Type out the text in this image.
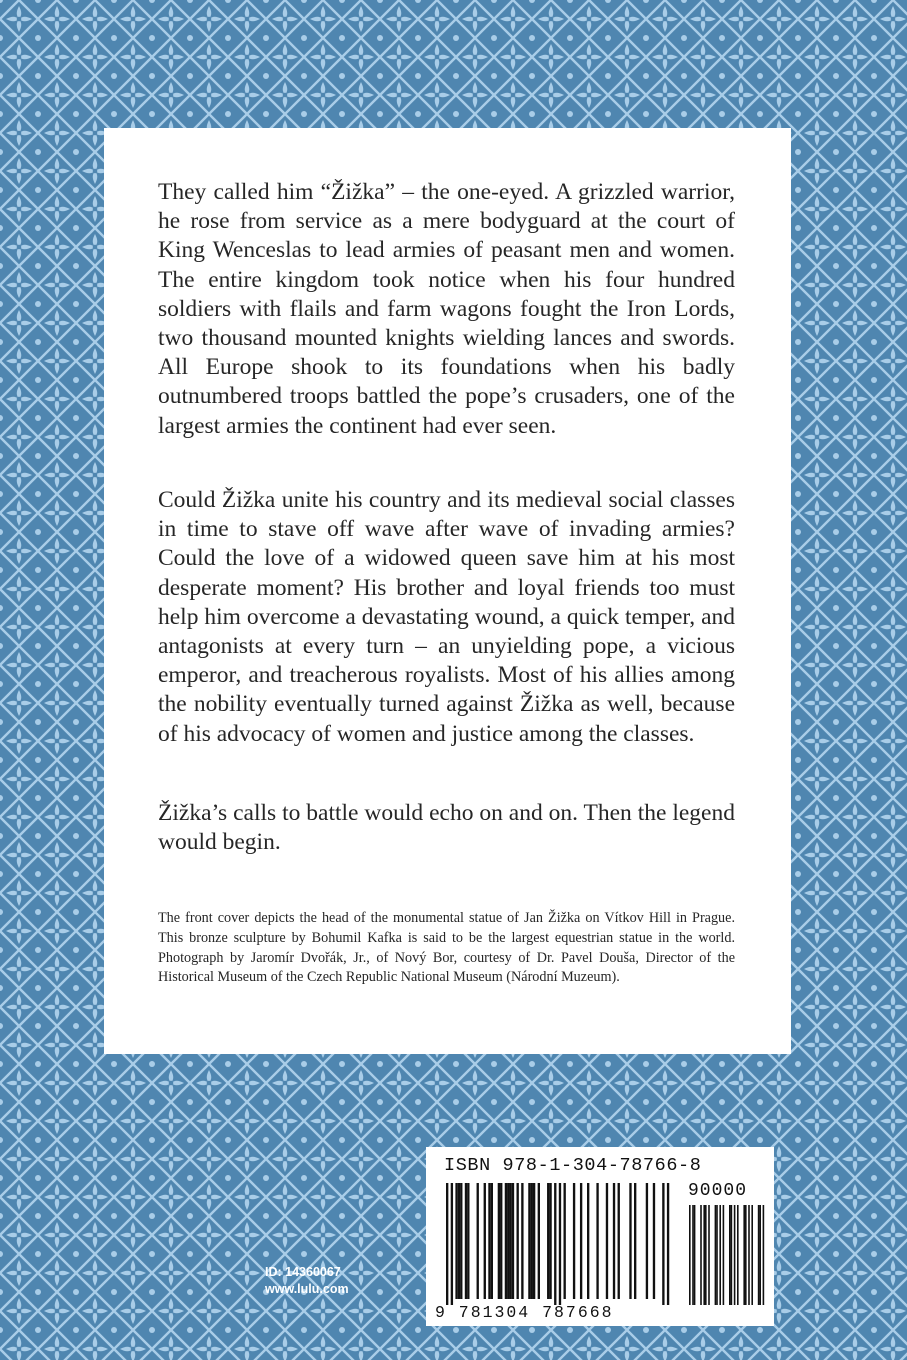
They called him “Žižka” – the one-eyed. A grizzled warrior, he rose from service as a mere bodyguard at the court of King Wenceslas to lead armies of peasant men and women. The entire kingdom took notice when his four hundred soldiers with flails and farm wagons fought the Iron Lords, two thousand mounted knights wielding lances and swords. All Europe shook to its foundations when his badly outnumbered troops battled the pope’s crusaders, one of the largest armies the continent had ever seen.

Could Žižka unite his country and its medieval social classes in time to stave off wave after wave of invading armies? Could the love of a widowed queen save him at his most desperate moment? His brother and loyal friends too must help him overcome a devastating wound, a quick temper, and antagonists at every turn – an unyielding pope, a vicious emperor, and treacherous royalists. Most of his allies among the nobility eventually turned against Žižka as well, because of his advocacy of women and justice among the classes.

Žižka’s calls to battle would echo on and on. Then the legend would begin.

The front cover depicts the head of the monumental statue of Jan Žižka on Vítkov Hill in Prague. This bronze sculpture by Bohumil Kafka is said to be the largest equestrian statue in the world. Photograph by Jaromír Dvořák, Jr., of Nový Bor, courtesy of Dr. Pavel Douša, Director of the Historical Museum of the Czech Republic National Museum (Národní Muzeum).

ISBN 978-1-304-78766-8
90000
9 781304 787668
ID: 14360067
www.lulu.com
